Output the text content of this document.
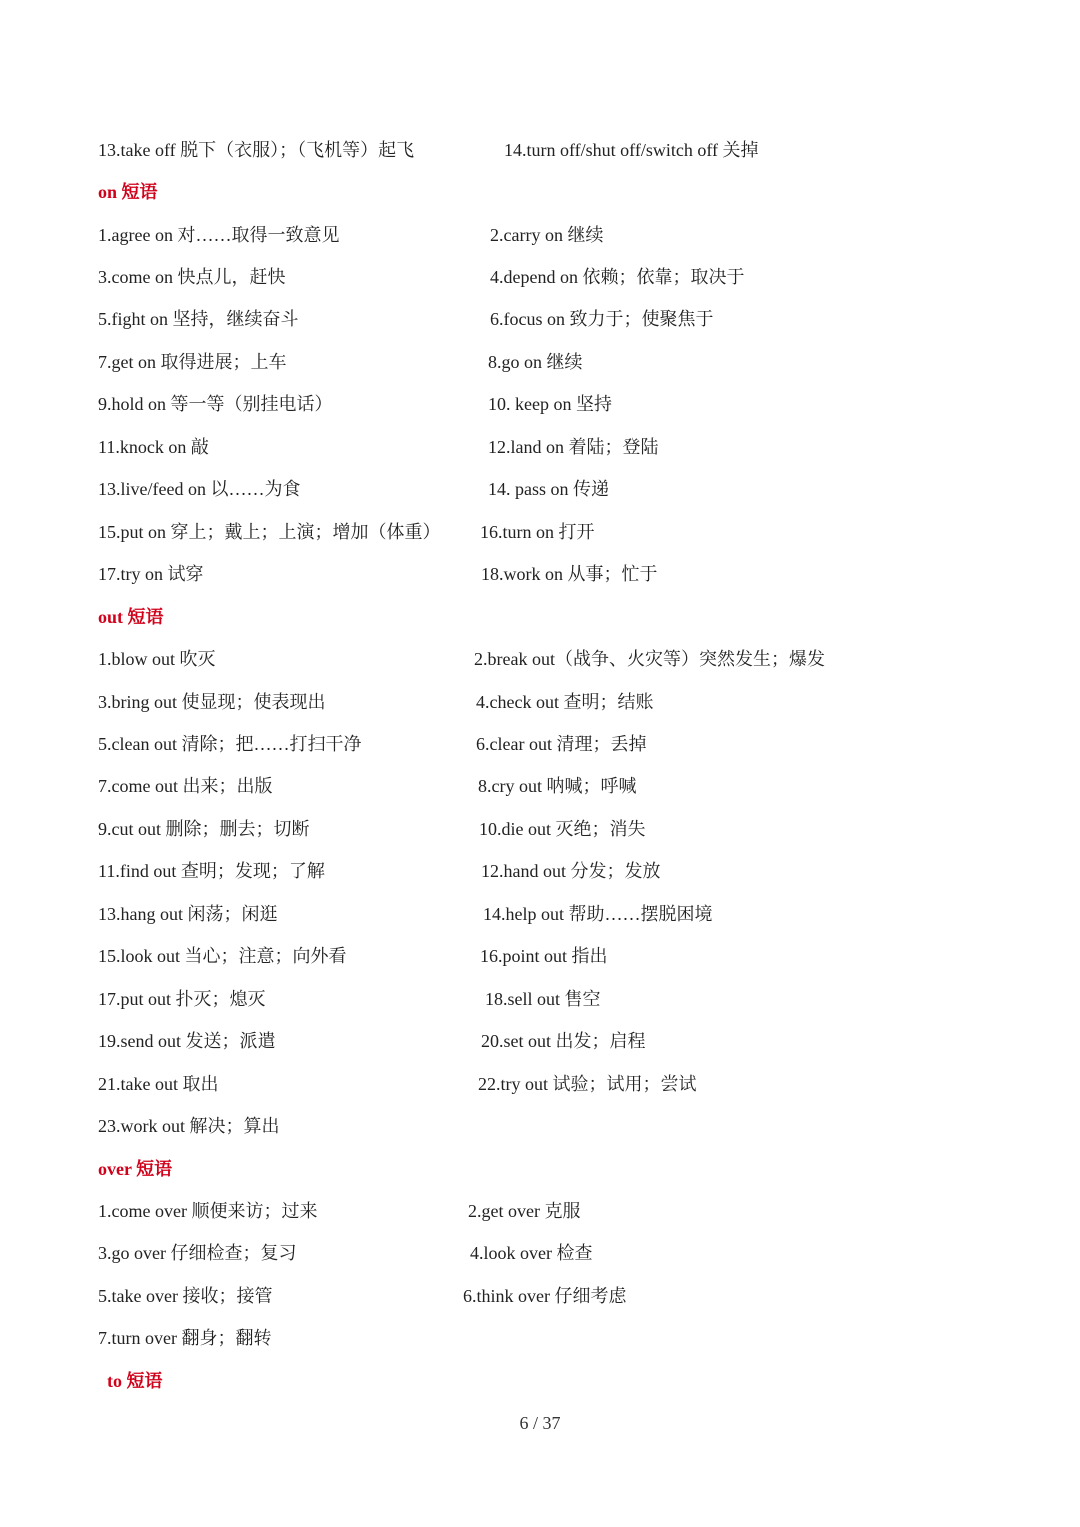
13.take off 脱下（衣服）；（飞机等）起飞	14.turn off/shut off/switch off 关掉
on 短语
1.agree on 对……取得一致意见	2.carry on 继续
3.come on 快点儿，赶快	4.depend on 依赖；依靠；取决于
5.fight on 坚持，继续奋斗	6.focus on 致力于；使聚焦于
7.get on 取得进展；上车	8.go on 继续
9.hold on 等一等（别挂电话）	10. keep on 坚持
11.knock on 敲	12.land on 着陆；登陆
13.live/feed on 以……为食	14. pass on 传递
15.put on 穿上；戴上；上演；增加（体重） 16.turn on 打开
17.try on 试穿	18.work on 从事；忙于
out 短语
1.blow out 吹灭	2.break out（战争、火灾等）突然发生；爆发
3.bring out 使显现；使表现出	4.check out 查明；结账
5.clean out 清除；把……打扫干净	6.clear out 清理；丢掉
7.come out 出来；出版	8.cry out 呐喊；呼喊
9.cut out 删除；删去；切断	10.die out 灭绝；消失
11.find out 查明；发现；了解	12.hand out 分发；发放
13.hang out 闲荡；闲逛	14.help out 帮助……摆脱困境
15.look out 当心；注意；向外看	16.point out 指出
17.put out 扑灭；熄灭	18.sell out 售空
19.send out 发送；派遣	20.set out 出发；启程
21.take out 取出	22.try out 试验；试用；尝试
23.work out 解决；算出
over 短语
1.come over 顺便来访；过来	2.get over 克服
3.go over 仔细检查；复习	4.look over 检查
5.take over 接收；接管	6.think over 仔细考虑
7.turn over 翻身；翻转
to 短语
6 / 37
